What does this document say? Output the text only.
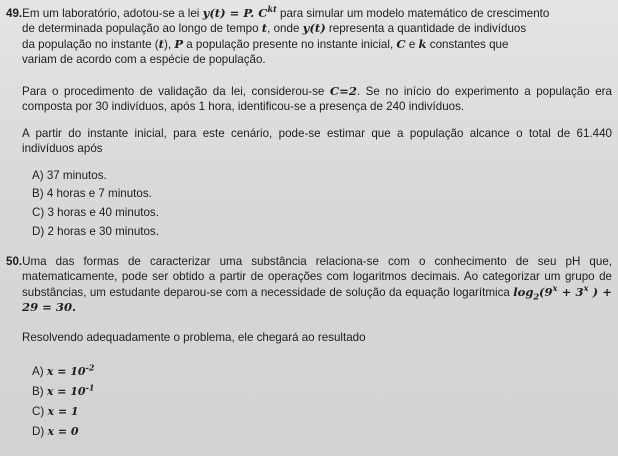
49.Em um laboratório, adotou-se a lei y(t) = P. $C^{kt}$ para simular um modelo matemático de crescimento

de determinada população ao longo de tempo t, onde y(t) representa a quantidade de indivíduos

da população no instante (t), P a população presente no instante inicial, C e k constantes que

variam de acordo com a espécie de população.

Para o procedimento de validação da lei, considerou-se C=2. Se no início do experimento a população era composta por 30 indivíduos, após 1 hora, identificou-se a presença de 240 indivíduos.

A partir do instante inicial, para este cenário, pode-se estimar que a população alcance o total de 61.440 indivíduos após

A) 37 minutos.
B) 4 horas e 7 minutos.
C) 3 horas e 40 minutos.
D) 2 horas e 30 minutos.

50.Uma das formas de caracterizar uma substância relaciona-se com o conhecimento de seu pH que, matematicamente, pode ser obtido a partir de operações com logaritmos decimais. Ao categorizar um grupo de substâncias, um estudante deparou-se com a necessidade de solução da equação logarítmica $\log_2(9^x + 3^x$ ) + 29 = 30.

Resolvendo adequadamente o problema, ele chegará ao resultado

A) $x = 10^{-2}$
B) $x = 10^{-1}$
C) x = 1
D) x = 0
